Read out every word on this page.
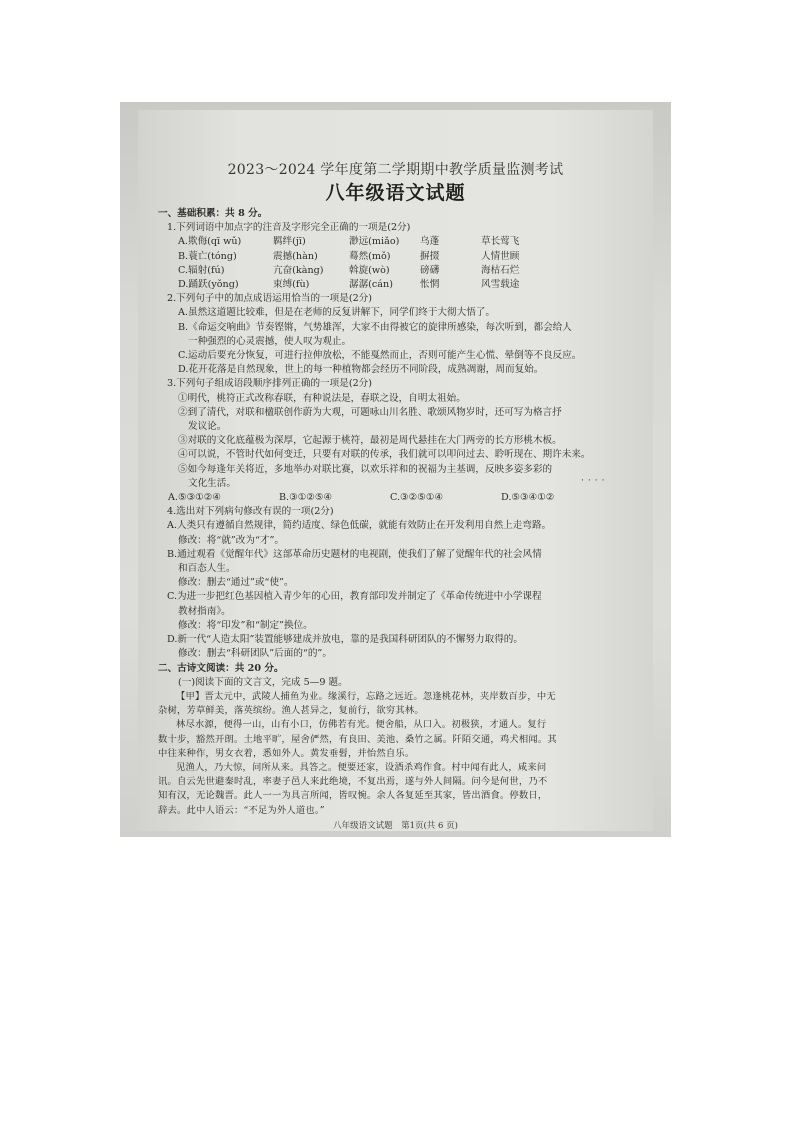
2023～2024 学年度第二学期期中教学质量监测考试
八年级语文试题
一、基础积累：共 8 分。
1.下列词语中加点字的注音及字形完全正确的一项是(2分)
A.欺侮(qī wǔ)	羁绊(jī)	渺远(miǎo)	乌蓬	草长莺飞
B.蓑亡(tóng)	震撼(hàn)	蓦然(mǒ)	摒掇	人情世顾
C.辐射(fú)	亢奋(kàng)	斡旋(wò)	磅礴	海枯石烂
D.踊跃(yǒng)	束缚(fù)	潺潺(cán)	怅惘	风雪载途
2.下列句子中的加点成语运用恰当的一项是(2分)
A.虽然这道题比较难，但是在老师的反复讲解下，同学们终于大彻大悟了。
B.《命运交响曲》节奏铿锵，气势雄浑，大家不由得被它的旋律所感染，每次听到，都会给人
一种强烈的心灵震撼，使人叹为观止。
C.运动后要充分恢复，可进行拉伸放松，不能戛然而止，否则可能产生心慌、晕倒等不良反应。
D.花开花落是自然现象，世上的每一种植物都会经历不同阶段，成熟凋谢，周而复始。
3.下列句子组成语段顺序排列正确的一项是(2分)
①明代，桃符正式改称春联，有种说法是，春联之设，自明太祖始。
②到了清代，对联和楹联创作蔚为大观，可题咏山川名胜、歌颂风物岁时，还可写为格言抒
发议论。
③对联的文化底蕴极为深厚，它起源于桃符，最初是周代悬挂在大门两旁的长方形桃木板。
④可以说，不管时代如何变迁，只要有对联的传承，我们就可以叩问过去、聆听现在、期许未来。
⑤如今每逢年关将近，多地举办对联比赛，以欢乐祥和的祝福为主基调，反映多姿多彩的
文化生活。
A.⑤③①②④	B.③①②⑤④	C.③②⑤①④	D.⑤③④①②
4.选出对下列病句修改有误的一项(2分)
A.人类只有遵循自然规律，简约适度、绿色低碳，就能有效防止在开发利用自然上走弯路。
修改：将“就”改为“才”。
B.通过观看《觉醒年代》这部革命历史题材的电视剧，使我们了解了觉醒年代的社会风情
和百态人生。
修改：删去“通过”或“使”。
C.为进一步把红色基因植入青少年的心田，教育部印发并制定了《革命传统进中小学课程
教材指南》。
修改：将“印发”和“制定”换位。
D.新一代“人造太阳”装置能够建成并放电，靠的是我国科研团队的不懈努力取得的。
修改：删去“科研团队”后面的“的”。
二、古诗文阅读：共 20 分。
(一)阅读下面的文言文，完成 5—9 题。
【甲】晋太元中，武陵人捕鱼为业。缘溪行，忘路之远近。忽逢桃花林，夹岸数百步，中无
杂树，芳草鲜美，落英缤纷。渔人甚异之，复前行，欲穷其林。
林尽水源，便得一山，山有小口，仿佛若有光。便舍船，从口入。初极狭，才通人。复行
数十步，豁然开朗。土地平旷，屋舍俨然，有良田、美池、桑竹之属。阡陌交通，鸡犬相闻。其
中往来种作，男女衣着，悉如外人。黄发垂髫，并怡然自乐。
见渔人，乃大惊，问所从来。具答之。便要还家，设酒杀鸡作食。村中闻有此人，咸来问
讯。自云先世避秦时乱，率妻子邑人来此绝境，不复出焉，遂与外人间隔。问今是何世，乃不
知有汉，无论魏晋。此人一一为具言所闻，皆叹惋。余人各复延至其家，皆出酒食。停数日，
辞去。此中人语云：“不足为外人道也。”
····
八年级语文试题　第1页(共 6 页)
